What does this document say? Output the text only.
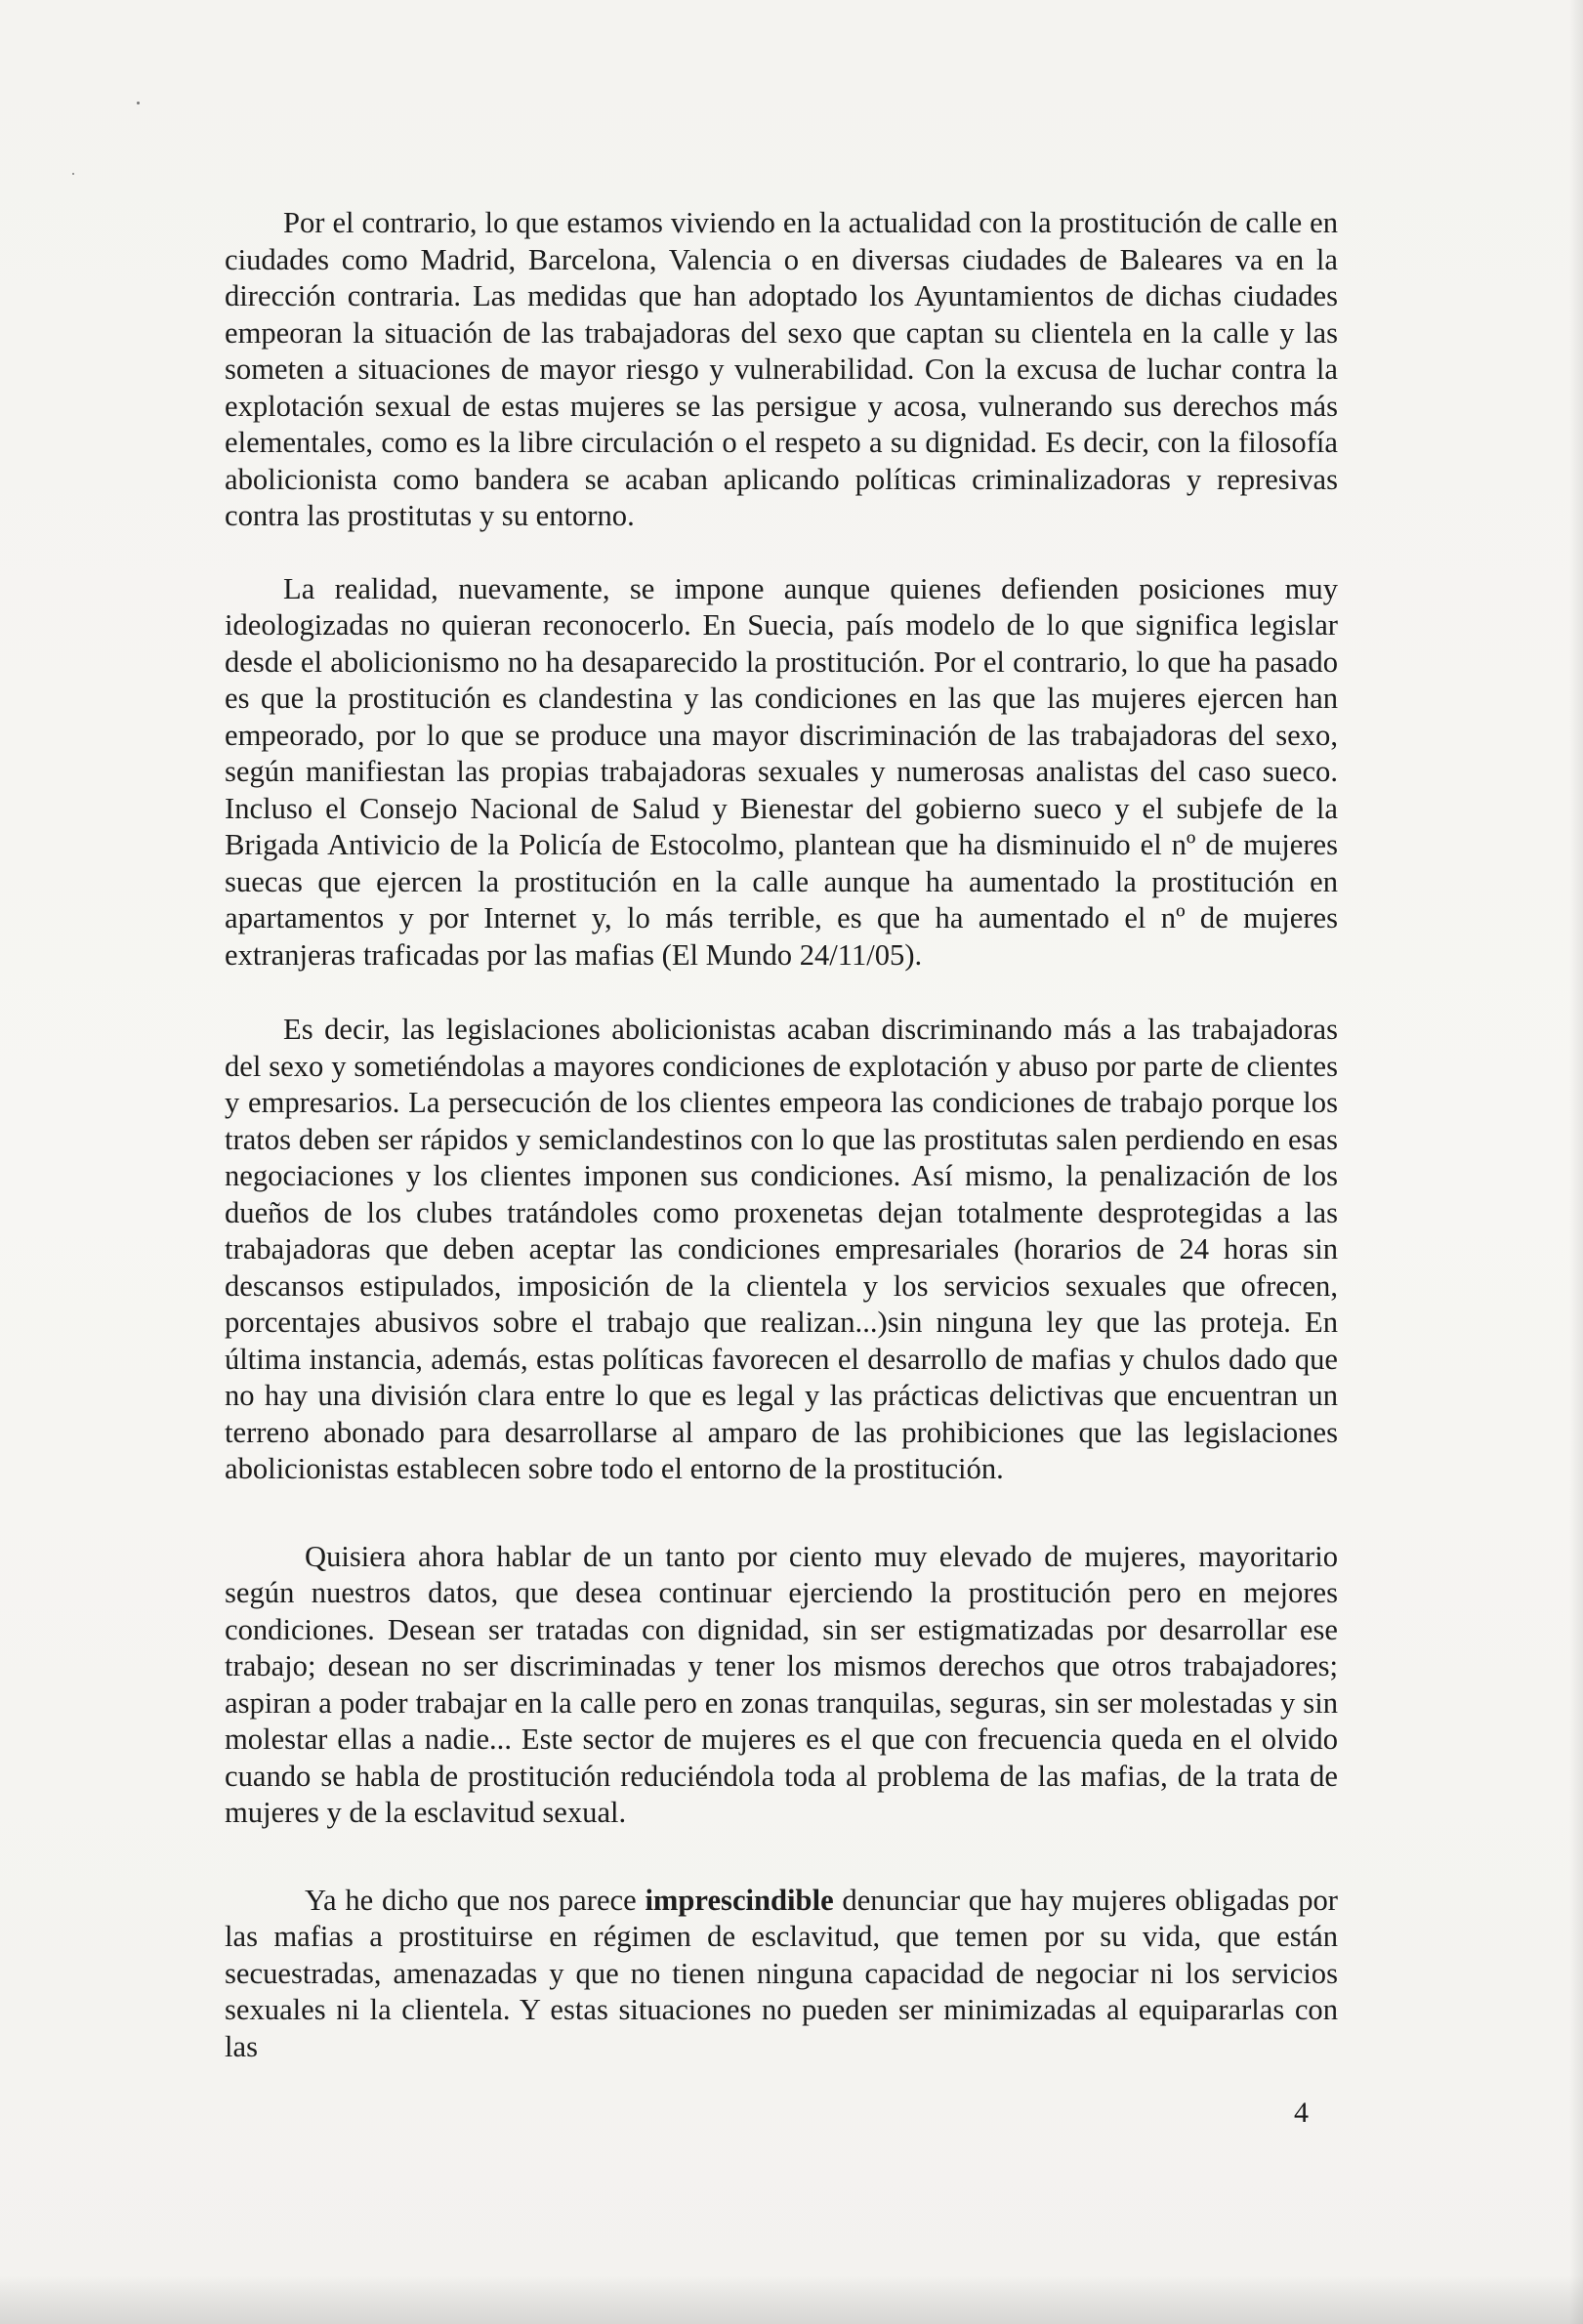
Por el contrario, lo que estamos viviendo en la actualidad con la prostitución de calle en ciudades como Madrid, Barcelona, Valencia o en diversas ciudades de Baleares va en la dirección contraria. Las medidas que han adoptado los Ayuntamientos de dichas ciudades empeoran la situación de las trabajadoras del sexo que captan su clientela en la calle y las someten a situaciones de mayor riesgo y vulnerabilidad. Con la excusa de luchar contra la explotación sexual de estas mujeres se las persigue y acosa, vulnerando sus derechos más elementales, como es la libre circulación o el respeto a su dignidad. Es decir, con la filosofía abolicionista como bandera se acaban aplicando políticas criminalizadoras y represivas contra las prostitutas y su entorno.

La realidad, nuevamente, se impone aunque quienes defienden posiciones muy ideologizadas no quieran reconocerlo. En Suecia, país modelo de lo que significa legislar desde el abolicionismo no ha desaparecido la prostitución. Por el contrario, lo que ha pasado es que la prostitución es clandestina y las condiciones en las que las mujeres ejercen han empeorado, por lo que se produce una mayor discriminación de las trabajadoras del sexo, según manifiestan las propias trabajadoras sexuales y numerosas analistas del caso sueco. Incluso el Consejo Nacional de Salud y Bienestar del gobierno sueco y el subjefe de la Brigada Antivicio de la Policía de Estocolmo, plantean que ha disminuido el nº de mujeres suecas que ejercen la prostitución en la calle aunque ha aumentado la prostitución en apartamentos y por Internet y, lo más terrible, es que ha aumentado el nº de mujeres extranjeras traficadas por las mafias (El Mundo 24/11/05).

Es decir, las legislaciones abolicionistas acaban discriminando más a las trabajadoras del sexo y sometiéndolas a mayores condiciones de explotación y abuso por parte de clientes y empresarios. La persecución de los clientes empeora las condiciones de trabajo porque los tratos deben ser rápidos y semiclandestinos con lo que las prostitutas salen perdiendo en esas negociaciones y los clientes imponen sus condiciones. Así mismo, la penalización de los dueños de los clubes tratándoles como proxenetas dejan totalmente desprotegidas a las trabajadoras que deben aceptar las condiciones empresariales (horarios de 24 horas sin descansos estipulados, imposición de la clientela y los servicios sexuales que ofrecen, porcentajes abusivos sobre el trabajo que realizan...)sin ninguna ley que las proteja. En última instancia, además, estas políticas favorecen el desarrollo de mafias y chulos dado que no hay una división clara entre lo que es legal y las prácticas delictivas que encuentran un terreno abonado para desarrollarse al amparo de las prohibiciones que las legislaciones abolicionistas establecen sobre todo el entorno de la prostitución.

Quisiera ahora hablar de un tanto por ciento muy elevado de mujeres, mayoritario según nuestros datos, que desea continuar ejerciendo la prostitución pero en mejores condiciones. Desean ser tratadas con dignidad, sin ser estigmatizadas por desarrollar ese trabajo; desean no ser discriminadas y tener los mismos derechos que otros trabajadores; aspiran a poder trabajar en la calle pero en zonas tranquilas, seguras, sin ser molestadas y sin molestar ellas a nadie... Este sector de mujeres es el que con frecuencia queda en el olvido cuando se habla de prostitución reduciéndola toda al problema de las mafias, de la trata de mujeres y de la esclavitud sexual.

Ya he dicho que nos parece imprescindible denunciar que hay mujeres obligadas por las mafias a prostituirse en régimen de esclavitud, que temen por su vida, que están secuestradas, amenazadas y que no tienen ninguna capacidad de negociar ni los servicios sexuales ni la clientela. Y estas situaciones no pueden ser minimizadas al equipararlas con las

4
